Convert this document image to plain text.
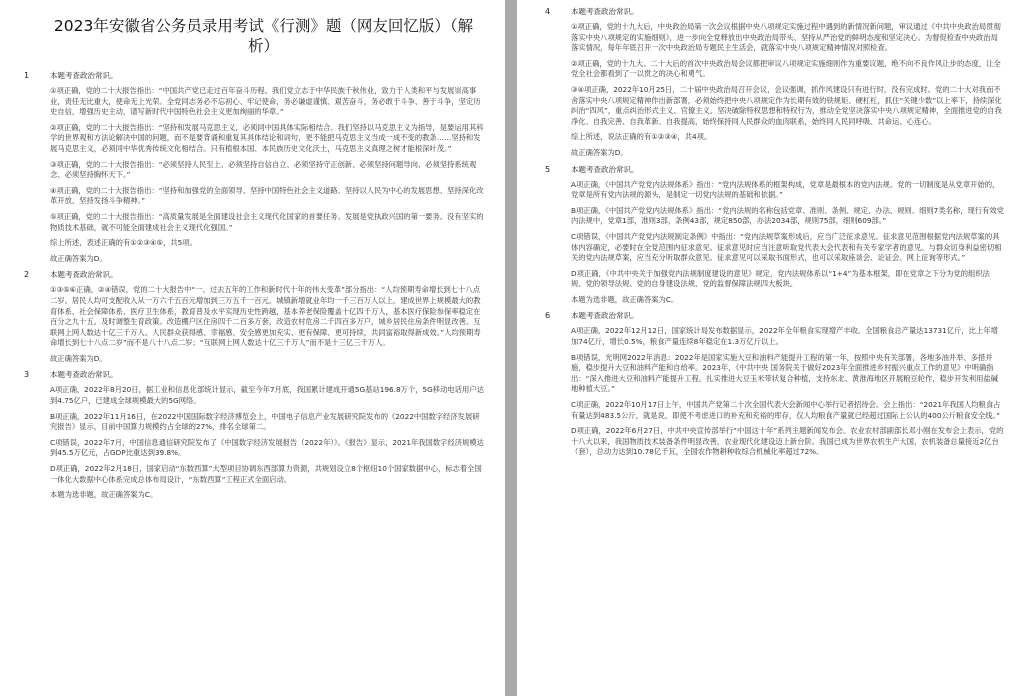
2023年安徽省公务员录用考试《行测》题（网友回忆版）（解析）
1	本题考查政治常识。

①项正确，党的二十大报告指出：“中国共产党已走过百年奋斗历程。我们党立志于中华民族千秋伟业，致力于人类和平与发展崇高事业，责任无比重大，使命无上光荣。全党同志务必不忘初心、牢记使命，务必谦虚谨慎、艰苦奋斗，务必敢于斗争、善于斗争，坚定历史自信，增强历史主动，谱写新时代中国特色社会主义更加绚丽的华章。”

②项正确，党的二十大报告指出：“坚持和发展马克思主义，必须同中国具体实际相结合。我们坚持以马克思主义为指导，是要运用其科学的世界观和方法论解决中国的问题，而不是要背诵和重复其具体结论和词句，更不能把马克思主义当成一成不变的教条……坚持和发展马克思主义，必须同中华优秀传统文化相结合。只有植根本国、本民族历史文化沃土，马克思主义真理之树才能根深叶茂。”

③项正确，党的二十大报告指出：“必须坚持人民至上、必须坚持自信自立、必须坚持守正创新、必须坚持问题导向、必须坚持系统观念、必须坚持胸怀天下。”

④项正确，党的二十大报告指出：“坚持和加强党的全面领导、坚持中国特色社会主义道路、坚持以人民为中心的发展思想、坚持深化改革开放、坚持发扬斗争精神。”

⑤项正确，党的二十大报告指出：“高质量发展是全面建设社会主义现代化国家的首要任务。发展是党执政兴国的第一要务。没有坚实的物质技术基础，就不可能全面建成社会主义现代化强国。”

综上所述，表述正确的有①②③④⑤，共5项。

故正确答案为D。

2	本题考查政治常识。

①③⑤⑥正确，②④错误，党的二十大报告中“一、过去五年的工作和新时代十年的伟大变革”部分指出：“人均预期寿命增长到七十八点二岁。居民人均可支配收入从一万六千五百元增加到三万五千一百元。城镇新增就业年均一千三百万人以上。建成世界上规模最大的教育体系、社会保障体系、医疗卫生体系，教育普及水平实现历史性跨越，基本养老保险覆盖十亿四千万人，基本医疗保险参保率稳定在百分之九十五。及时调整生育政策。改造棚户区住房四千二百多万套，改造农村危房二千四百多万户，城乡居民住房条件明显改善。互联网上网人数达十亿三千万人。人民群众获得感、幸福感、安全感更加充实、更有保障、更可持续，共同富裕取得新成效。”人均预期寿命增长到七十八点二岁”而不是八十八点二岁；“互联网上网人数达十亿三千万人”而不是十三亿三千万人。

故正确答案为D。

3	本题考查政治常识。

A项正确，2022年8月20日，据工业和信息化部统计显示，截至今年7月底，我国累计建成开通5G基站196.8万个，5G移动电话用户达到4.75亿户，已建成全球规模最大的5G网络。

B项正确，2022年11月16日，在2022中国国际数字经济博览会上，中国电子信息产业发展研究院发布的《2022中国数字经济发展研究报告》显示，目前中国算力规模约占全球的27%，排名全球第二。

C项错误，2022年7月，中国信息通信研究院发布了《中国数字经济发展报告（2022年）》。《报告》显示，2021年我国数字经济规模达到45.5万亿元，占GDP比重达到39.8%。

D项正确，2022年2月18日，国家启动“东数西算”大型项目协调东西部算力资源，共规划设立8个枢纽10个国家数据中心，标志着全国一体化大数据中心体系完成总体布局设计，“东数西算”工程正式全面启动。

本题为选非题，故正确答案为C。

4	本题考查政治常识。

①项正确，党的十九大后，中央政治局第一次会议根据中央八项规定实施过程中遇到的新情况新问题，审议通过《中共中央政治局贯彻落实中央八项规定的实施细则》，进一步向全党释放出中央政治局带头、坚持从严治党的鲜明态度和坚定决心。为督促检查中央政治局落实情况，每年年底召开一次中央政治局专题民主生活会，就落实中央八项规定精神情况对照检查。

②项正确，党的十九大、二十大后的首次中央政治局会议都把审议八项规定实施细则作为重要议题，绝不向不良作风让步的态度，让全党全社会都看到了一以贯之的决心和勇气。

③④项正确，2022年10月25日，二十届中央政治局召开会议，会议强调，抓作风建设只有进行时，没有完成时。党的二十大对我而不舍落实中央八项规定精神作出新部署，必须始终把中央八项规定作为长期有效的铁规矩、硬杠杠，抓住“关键少数”以上率下，持续深化纠治“四风”，重点纠治形式主义、官僚主义，坚决破除特权思想和特权行为，推动全党坚决落实中央八项规定精神，全面推进党的自我净化、自我完善、自我革新、自我提高，始终保持同人民群众的血肉联系，始终同人民同呼吸、共命运、心连心。

综上所述，说法正确的有①②③④，共4项。

故正确答案为D。

5	本题考查政治常识。

A项正确，《中国共产党党内法规体系》指出：“党内法规体系的框架构成，党章是最根本的党内法规。党的一切制度是从党章开始的，党章是所有党内法规的源头，是制定一切党内法规的基础和依据。”

B项正确，《中国共产党党内法规体系》指出：“党内法规的名称包括党章、准则、条例、规定、办法、规则、细则7类名称，现行有效党内法规中，党章1部，准则3部，条例43部，规定850部，办法2034部，规则75部，细则609部。”

C项错误，《中国共产党党内法规制定条例》中指出：“党内法规草案形成后，应当广泛征求意见。征求意见范围根据党内法规草案的具体内容确定，必要时在全党范围内征求意见。征求意见时应当注意听取党代表大会代表和有关专家学者的意见。与群众切身利益密切相关的党内法规草案，应当充分听取群众意见。征求意见可以采取书面形式，也可以采取座谈会、论证会、网上征询等形式。”

D项正确，《中共中央关于加强党内法规制度建设的意见》规定，党内法规体系以“1+4”为基本框架，即在党章之下分为党的组织法规、党的领导法规、党的自身建设法规、党的监督保障法规四大板块。

本题为选非题，故正确答案为C。

6	本题考查政治常识。

A项正确，2022年12月12日，国家统计局发布数据显示，2022年全年粮食实现增产丰收。全国粮食总产量达13731亿斤，比上年增加74亿斤，增长0.5%，粮食产量连续8年稳定在1.3万亿斤以上。

B项错误，光明网2022年消息：2022年是国家实施大豆和油料产能提升工程的第一年，按照中央有关部署，各地多油并举、多措并施，稳步提升大豆和油料产能和自给率。2023年，《中共中央 国务院关于做好2023年全面推进乡村振兴重点工作的意见》中明确指出：“深入推进大豆和油料产能提升工程。扎实推进大豆玉米带状复合种植，支持东北、黄淮海地区开展粮豆轮作，稳步开发利用盐碱地种植大豆。”

C项正确，2022年10月17日上午，中国共产党第二十次全国代表大会新闻中心举行记者招待会。会上指出：“2021年我国人均粮食占有量达到483.5公斤，就是说，即使不考虑进口的补充和充裕的库存，仅人均粮食产量就已经超过国际上公认的400公斤粮食安全线。”

D项正确，2022年6月27日，中共中央宣传部举行“中国这十年”系列主题新闻发布会。农业农村部副部长邓小刚在发布会上表示，党的十八大以来，我国物质技术装备条件明显改善，农业现代化建设迈上新台阶。我国已成为世界农机生产大国，农机装备总量接近2亿台（套），总动力达到10.78亿千瓦，全国农作物耕种收综合机械化率超过72%。
